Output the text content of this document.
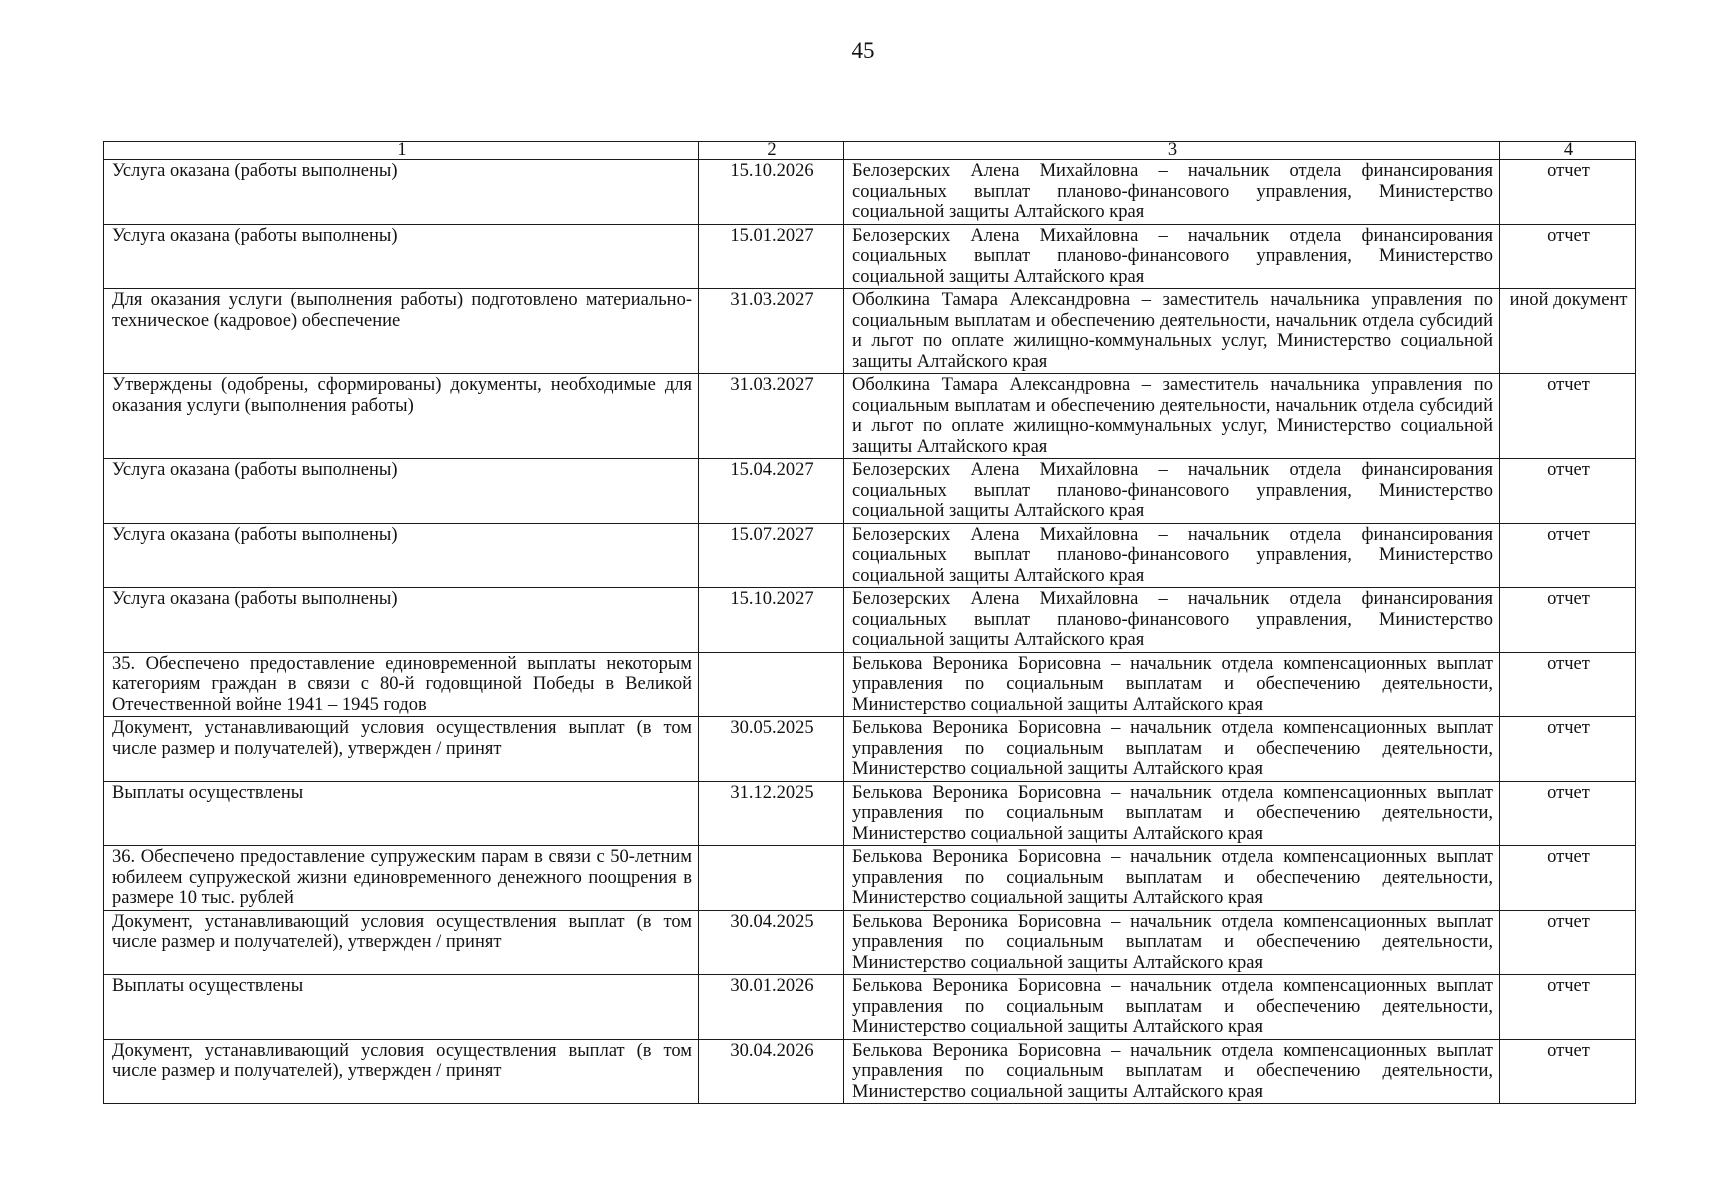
45
1	2	3	4
Услуга оказана (работы выполнены)	15.10.2026	Белозерских Алена Михайловна – начальник отдела финансирования социальных выплат планово-финансового управления, Министерство социальной защиты Алтайского края	отчет
Услуга оказана (работы выполнены)	15.01.2027	Белозерских Алена Михайловна – начальник отдела финансирования социальных выплат планово-финансового управления, Министерство социальной защиты Алтайского края	отчет
Для оказания услуги (выполнения работы) подготовлено материально-техническое (кадровое) обеспечение	31.03.2027	Оболкина Тамара Александровна – заместитель начальника управления по социальным выплатам и обеспечению деятельности, начальник отдела субсидий и льгот по оплате жилищно-коммунальных услуг, Министерство социальной защиты Алтайского края	иной документ
Утверждены (одобрены, сформированы) документы, необходимые для оказания услуги (выполнения работы)	31.03.2027	Оболкина Тамара Александровна – заместитель начальника управления по социальным выплатам и обеспечению деятельности, начальник отдела субсидий и льгот по оплате жилищно-коммунальных услуг, Министерство социальной защиты Алтайского края	отчет
Услуга оказана (работы выполнены)	15.04.2027	Белозерских Алена Михайловна – начальник отдела финансирования социальных выплат планово-финансового управления, Министерство социальной защиты Алтайского края	отчет
Услуга оказана (работы выполнены)	15.07.2027	Белозерских Алена Михайловна – начальник отдела финансирования социальных выплат планово-финансового управления, Министерство социальной защиты Алтайского края	отчет
Услуга оказана (работы выполнены)	15.10.2027	Белозерских Алена Михайловна – начальник отдела финансирования социальных выплат планово-финансового управления, Министерство социальной защиты Алтайского края	отчет
35. Обеспечено предоставление единовременной выплаты некоторым категориям граждан в связи с 80-й годовщиной Победы в Великой Отечественной войне 1941 – 1945 годов		Белькова Вероника Борисовна – начальник отдела компенсационных выплат управления по социальным выплатам и обеспечению деятельности, Министерство социальной защиты Алтайского края	отчет
Документ, устанавливающий условия осуществления выплат (в том числе размер и получателей), утвержден / принят	30.05.2025	Белькова Вероника Борисовна – начальник отдела компенсационных выплат управления по социальным выплатам и обеспечению деятельности, Министерство социальной защиты Алтайского края	отчет
Выплаты осуществлены	31.12.2025	Белькова Вероника Борисовна – начальник отдела компенсационных выплат управления по социальным выплатам и обеспечению деятельности, Министерство социальной защиты Алтайского края	отчет
36. Обеспечено предоставление супружеским парам в связи с 50-летним юбилеем супружеской жизни единовременного денежного поощрения в размере 10 тыс. рублей		Белькова Вероника Борисовна – начальник отдела компенсационных выплат управления по социальным выплатам и обеспечению деятельности, Министерство социальной защиты Алтайского края	отчет
Документ, устанавливающий условия осуществления выплат (в том числе размер и получателей), утвержден / принят	30.04.2025	Белькова Вероника Борисовна – начальник отдела компенсационных выплат управления по социальным выплатам и обеспечению деятельности, Министерство социальной защиты Алтайского края	отчет
Выплаты осуществлены	30.01.2026	Белькова Вероника Борисовна – начальник отдела компенсационных выплат управления по социальным выплатам и обеспечению деятельности, Министерство социальной защиты Алтайского края	отчет
Документ, устанавливающий условия осуществления выплат (в том числе размер и получателей), утвержден / принят	30.04.2026	Белькова Вероника Борисовна – начальник отдела компенсационных выплат управления по социальным выплатам и обеспечению деятельности, Министерство социальной защиты Алтайского края	отчет
